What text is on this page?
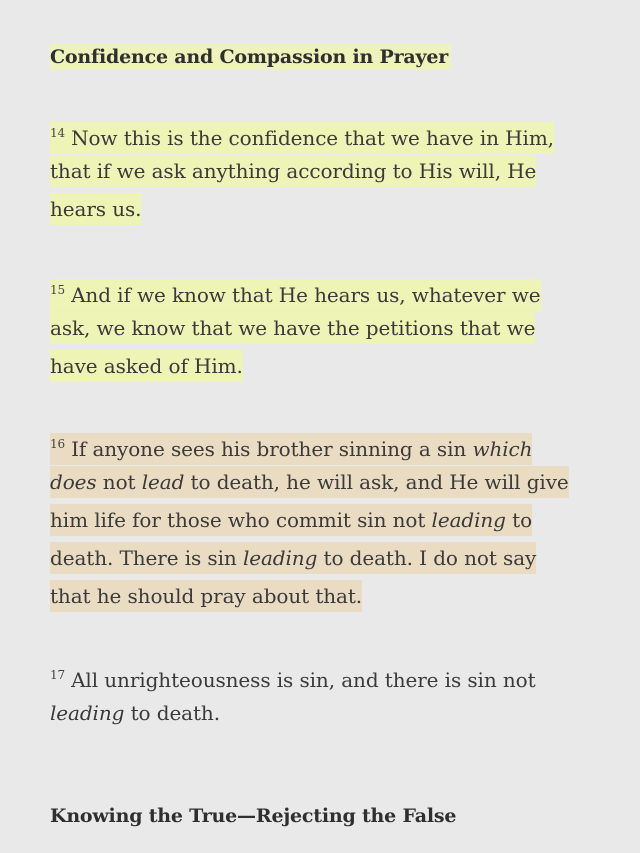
Confidence and Compassion in Prayer
$^{14}$ Now this is the confidence that we have in Him,
that if we ask anything according to His will, He
hears us.
$^{15}$ And if we know that He hears us, whatever we
ask, we know that we have the petitions that we
have asked of Him.
$^{16}$ If anyone sees his brother sinning a sin which
does not lead to death, he will ask, and He will give
him life for those who commit sin not leading to
death. There is sin leading to death. I do not say
that he should pray about that.
$^{17}$ All unrighteousness is sin, and there is sin not
leading to death.
Knowing the True—Rejecting the False
